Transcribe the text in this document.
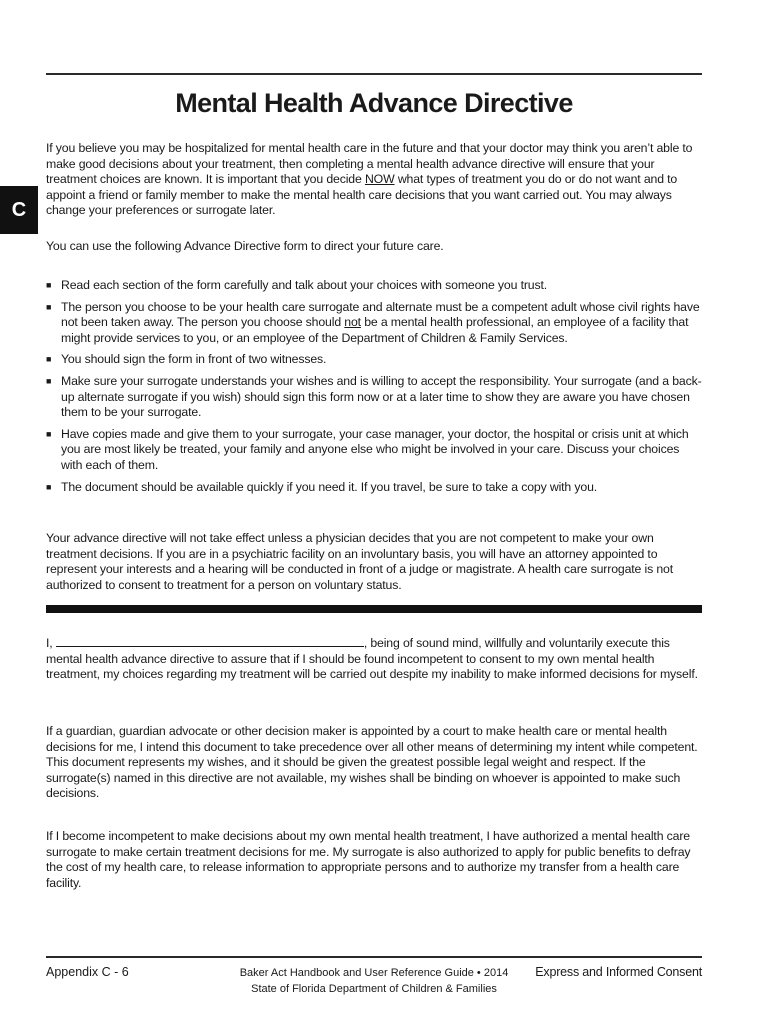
Mental Health Advance Directive
C

If you believe you may be hospitalized for mental health care in the future and that your doctor may think you aren’t able to make good decisions about your treatment, then completing a mental health advance directive will ensure that your treatment choices are known. It is important that you decide NOW what types of treatment you do or do not want and to appoint a friend or family member to make the mental health care decisions that you want carried out. You may always change your preferences or surrogate later.

You can use the following Advance Directive form to direct your future care.

■ Read each section of the form carefully and talk about your choices with someone you trust.
■ The person you choose to be your health care surrogate and alternate must be a competent adult whose civil rights have not been taken away. The person you choose should not be a mental health professional, an employee of a facility that might provide services to you, or an employee of the Department of Children & Family Services.
■ You should sign the form in front of two witnesses.
■ Make sure your surrogate understands your wishes and is willing to accept the responsibility. Your surrogate (and a back-up alternate surrogate if you wish) should sign this form now or at a later time to show they are aware you have chosen them to be your surrogate.
■ Have copies made and give them to your surrogate, your case manager, your doctor, the hospital or crisis unit at which you are most likely be treated, your family and anyone else who might be involved in your care. Discuss your choices with each of them.
■ The document should be available quickly if you need it. If you travel, be sure to take a copy with you.

Your advance directive will not take effect unless a physician decides that you are not competent to make your own treatment decisions. If you are in a psychiatric facility on an involuntary basis, you will have an attorney appointed to represent your interests and a hearing will be conducted in front of a judge or magistrate. A health care surrogate is not authorized to consent to treatment for a person on voluntary status.

I,	, being of sound mind, willfully and voluntarily execute this mental health advance directive to assure that if I should be found incompetent to consent to my own mental health treatment, my choices regarding my treatment will be carried out despite my inability to make informed decisions for myself.

If a guardian, guardian advocate or other decision maker is appointed by a court to make health care or mental health decisions for me, I intend this document to take precedence over all other means of determining my intent while competent. This document represents my wishes, and it should be given the greatest possible legal weight and respect. If the surrogate(s) named in this directive are not available, my wishes shall be binding on whoever is appointed to make such decisions.

If I become incompetent to make decisions about my own mental health treatment, I have authorized a mental health care surrogate to make certain treatment decisions for me. My surrogate is also authorized to apply for public benefits to defray the cost of my health care, to release information to appropriate persons and to authorize my transfer from a health care facility.

Appendix C - 6	Baker Act Handbook and User Reference Guide • 2014
State of Florida Department of Children & Families

Express and Informed Consent
